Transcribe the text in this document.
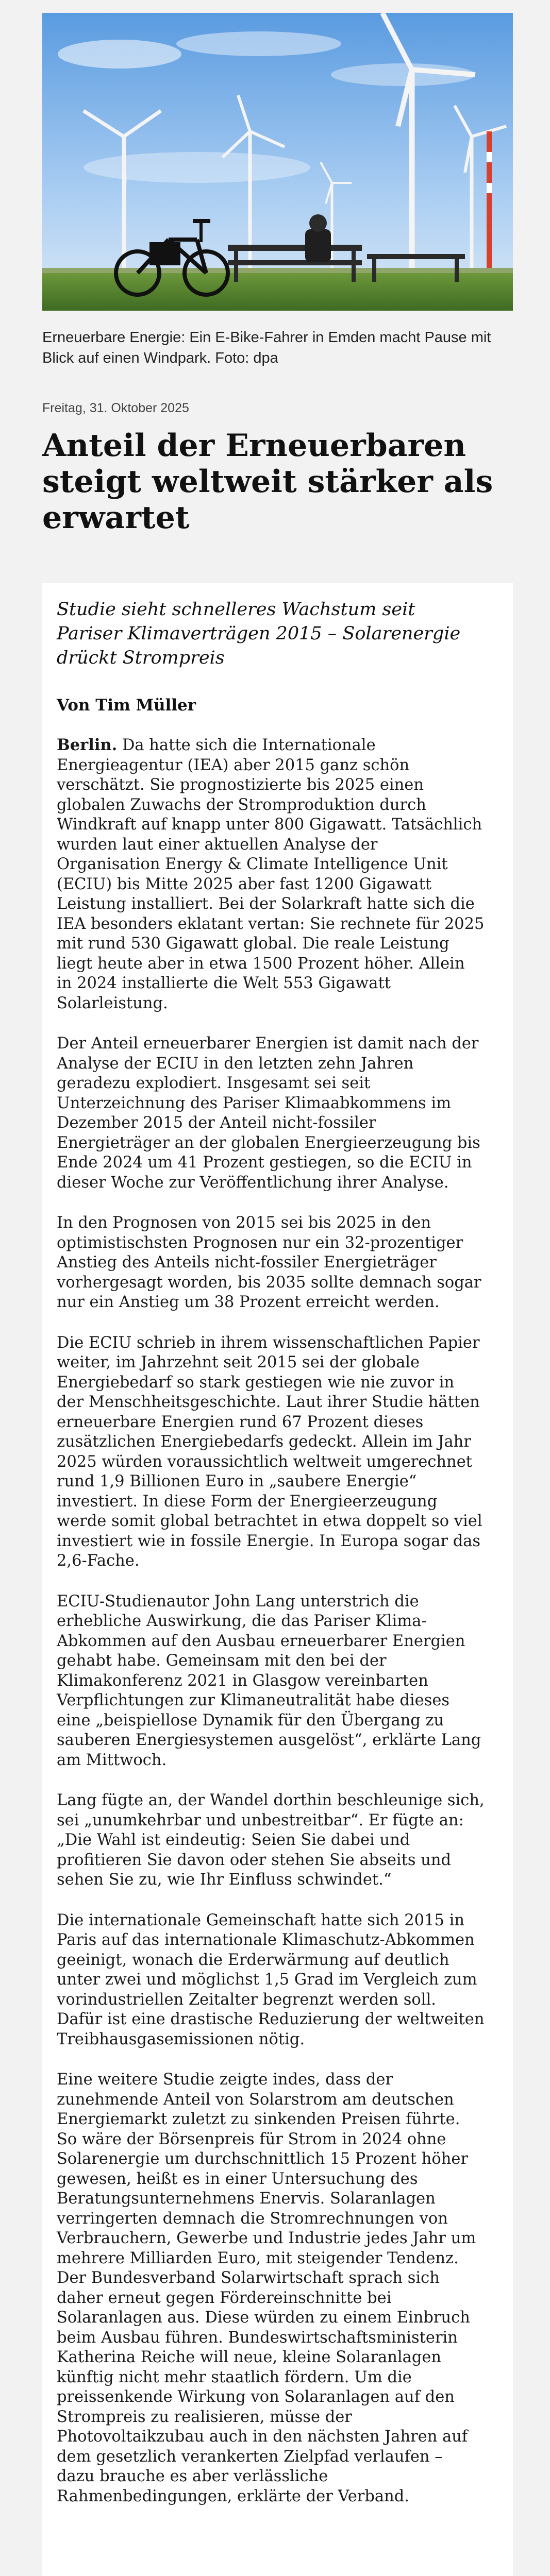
Erneuerbare Energie: Ein E-Bike-Fahrer in Emden macht Pause mit Blick auf einen Windpark. Foto: dpa
Freitag, 31. Oktober 2025
Anteil der Erneuerbaren steigt weltweit stärker als erwartet

Studie sieht schnelleres Wachstum seit Pariser Klimaverträgen 2015 – Solarenergie drückt Strompreis

Von Tim Müller

Berlin. Da hatte sich die Internationale Energieagentur (IEA) aber 2015 ganz schön verschätzt. Sie prognostizierte bis 2025 einen globalen Zuwachs der Stromproduktion durch Windkraft auf knapp unter 800 Gigawatt. Tatsächlich wurden laut einer aktuellen Analyse der Organisation Energy & Climate Intelligence Unit (ECIU) bis Mitte 2025 aber fast 1200 Gigawatt Leistung installiert. Bei der Solarkraft hatte sich die IEA besonders eklatant vertan: Sie rechnete für 2025 mit rund 530 Gigawatt global. Die reale Leistung liegt heute aber in etwa 1500 Prozent höher. Allein in 2024 installierte die Welt 553 Gigawatt Solarleistung.

Der Anteil erneuerbarer Energien ist damit nach der Analyse der ECIU in den letzten zehn Jahren geradezu explodiert. Insgesamt sei seit Unterzeichnung des Pariser Klimaabkommens im Dezember 2015 der Anteil nicht-fossiler Energieträger an der globalen Energieerzeugung bis Ende 2024 um 41 Prozent gestiegen, so die ECIU in dieser Woche zur Veröffentlichung ihrer Analyse.

In den Prognosen von 2015 sei bis 2025 in den optimistischsten Prognosen nur ein 32-prozentiger Anstieg des Anteils nicht-fossiler Energieträger vorhergesagt worden, bis 2035 sollte demnach sogar nur ein Anstieg um 38 Prozent erreicht werden.

Die ECIU schrieb in ihrem wissenschaftlichen Papier weiter, im Jahrzehnt seit 2015 sei der globale Energiebedarf so stark gestiegen wie nie zuvor in der Menschheitsgeschichte. Laut ihrer Studie hätten erneuerbare Energien rund 67 Prozent dieses zusätzlichen Energiebedarfs gedeckt. Allein im Jahr 2025 würden voraussichtlich weltweit umgerechnet rund 1,9 Billionen Euro in „saubere Energie“ investiert. In diese Form der Energieerzeugung werde somit global betrachtet in etwa doppelt so viel investiert wie in fossile Energie. In Europa sogar das 2,6-Fache.

ECIU-Studienautor John Lang unterstrich die erhebliche Auswirkung, die das Pariser Klima-Abkommen auf den Ausbau erneuerbarer Energien gehabt habe. Gemeinsam mit den bei der Klimakonferenz 2021 in Glasgow vereinbarten Verpflichtungen zur Klimaneutralität habe dieses eine „beispiellose Dynamik für den Übergang zu sauberen Energiesystemen ausgelöst“, erklärte Lang am Mittwoch.

Lang fügte an, der Wandel dorthin beschleunige sich, sei „unumkehrbar und unbestreitbar“. Er fügte an: „Die Wahl ist eindeutig: Seien Sie dabei und profitieren Sie davon oder stehen Sie abseits und sehen Sie zu, wie Ihr Einfluss schwindet.“

Die internationale Gemeinschaft hatte sich 2015 in Paris auf das internationale Klimaschutz-Abkommen geeinigt, wonach die Erderwärmung auf deutlich unter zwei und möglichst 1,5 Grad im Vergleich zum vorindustriellen Zeitalter begrenzt werden soll. Dafür ist eine drastische Reduzierung der weltweiten Treibhausgasemissionen nötig.

Eine weitere Studie zeigte indes, dass der zunehmende Anteil von Solarstrom am deutschen Energiemarkt zuletzt zu sinkenden Preisen führte. So wäre der Börsenpreis für Strom in 2024 ohne Solarenergie um durchschnittlich 15 Prozent höher gewesen, heißt es in einer Untersuchung des Beratungsunternehmens Enervis. Solaranlagen verringerten demnach die Stromrechnungen von Verbrauchern, Gewerbe und Industrie jedes Jahr um mehrere Milliarden Euro, mit steigender Tendenz. Der Bundesverband Solarwirtschaft sprach sich daher erneut gegen Fördereinschnitte bei Solaranlagen aus. Diese würden zu einem Einbruch beim Ausbau führen. Bundeswirtschaftsministerin Katherina Reiche will neue, kleine Solaranlagen künftig nicht mehr staatlich fördern. Um die preissenkende Wirkung von Solaranlagen auf den Strompreis zu realisieren, müsse der Photovoltaikzubau auch in den nächsten Jahren auf dem gesetzlich verankerten Zielpfad verlaufen – dazu brauche es aber verlässliche Rahmenbedingungen, erklärte der Verband.
